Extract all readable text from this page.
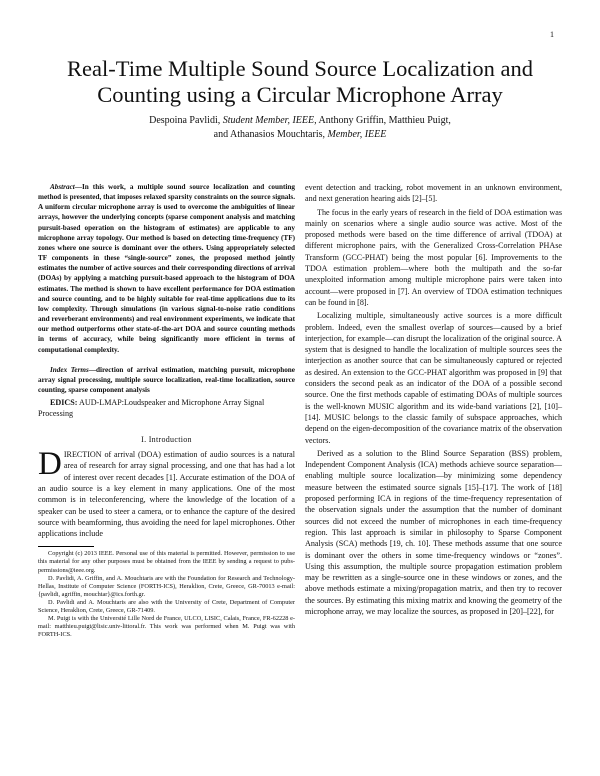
1
Real-Time Multiple Sound Source Localization and Counting using a Circular Microphone Array

Despoina Pavlidi, Student Member, IEEE, Anthony Griffin, Matthieu Puigt,

and Athanasios Mouchtaris, Member, IEEE

Abstract—In this work, a multiple sound source localization and counting method is presented, that imposes relaxed sparsity constraints on the source signals. A uniform circular microphone array is used to overcome the ambiguities of linear arrays, however the underlying concepts (sparse component analysis and matching pursuit-based operation on the histogram of estimates) are applicable to any microphone array topology. Our method is based on detecting time-frequency (TF) zones where one source is dominant over the others. Using appropriately selected TF components in these “single-source” zones, the proposed method jointly estimates the number of active sources and their corresponding directions of arrival (DOAs) by applying a matching pursuit-based approach to the histogram of DOA estimates. The method is shown to have excellent performance for DOA estimation and source counting, and to be highly suitable for real-time applications due to its low complexity. Through simulations (in various signal-to-noise ratio conditions and reverberant environments) and real environment experiments, we indicate that our method outperforms other state-of-the-art DOA and source counting methods in terms of accuracy, while being significantly more efficient in terms of computational complexity.

Index Terms—direction of arrival estimation, matching pursuit, microphone array signal processing, multiple source localization, real-time localization, source counting, sparse component analysis

EDICS: AUD-LMAP:Loudspeaker and Microphone Array Signal Processing

I. Introduction

DIRECTION of arrival (DOA) estimation of audio sources is a natural area of research for array signal processing, and one that has had a lot of interest over recent decades [1]. Accurate estimation of the DOA of an audio source is a key element in many applications. One of the most common is in teleconferencing, where the knowledge of the location of a speaker can be used to steer a camera, or to enhance the capture of the desired source with beamforming, thus avoiding the need for lapel microphones. Other applications include

Copyright (c) 2013 IEEE. Personal use of this material is permitted. However, permission to use this material for any other purposes must be obtained from the IEEE by sending a request to pubs-permissions@ieee.org.

D. Pavlidi, A. Griffin, and A. Mouchtaris are with the Foundation for Research and Technology-Hellas, Institute of Computer Science (FORTH-ICS), Heraklion, Crete, Greece, GR-70013 e-mail: {pavlidi, agriffin, mouchtar}@ics.forth.gr.

D. Pavlidi and A. Mouchtaris are also with the University of Crete, Department of Computer Science, Heraklion, Crete, Greece, GR-71409.

M. Puigt is with the Université Lille Nord de France, ULCO, LISIC, Calais, France, FR-62228 e-mail: matthieu.puigt@lisic.univ-littoral.fr. This work was performed when M. Puigt was with FORTH-ICS.

event detection and tracking, robot movement in an unknown environment, and next generation hearing aids [2]–[5].

The focus in the early years of research in the field of DOA estimation was mainly on scenarios where a single audio source was active. Most of the proposed methods were based on the time difference of arrival (TDOA) at different microphone pairs, with the Generalized Cross-Correlation PHAse Transform (GCC-PHAT) being the most popular [6]. Improvements to the TDOA estimation problem—where both the multipath and the so-far unexploited information among multiple microphone pairs were taken into account—were proposed in [7]. An overview of TDOA estimation techniques can be found in [8].

Localizing multiple, simultaneously active sources is a more difficult problem. Indeed, even the smallest overlap of sources—caused by a brief interjection, for example—can disrupt the localization of the original source. A system that is designed to handle the localization of multiple sources sees the interjection as another source that can be simultaneously captured or rejected as desired. An extension to the GCC-PHAT algorithm was proposed in [9] that considers the second peak as an indicator of the DOA of a possible second source. One the first methods capable of estimating DOAs of multiple sources is the well-known MUSIC algorithm and its wide-band variations [2], [10]–[14]. MUSIC belongs to the classic family of subspace approaches, which depend on the eigen-decomposition of the covariance matrix of the observation vectors.

Derived as a solution to the Blind Source Separation (BSS) problem, Independent Component Analysis (ICA) methods achieve source separation—enabling multiple source localization—by minimizing some dependency measure between the estimated source signals [15]–[17]. The work of [18] proposed performing ICA in regions of the time-frequency representation of the observation signals under the assumption that the number of dominant sources did not exceed the number of microphones in each time-frequency region. This last approach is similar in philosophy to Sparse Component Analysis (SCA) methods [19, ch. 10]. These methods assume that one source is dominant over the others in some time-frequency windows or “zones”. Using this assumption, the multiple source propagation estimation problem may be rewritten as a single-source one in these windows or zones, and the above methods estimate a mixing/propagation matrix, and then try to recover the sources. By estimating this mixing matrix and knowing the geometry of the microphone array, we may localize the sources, as proposed in [20]–[22], for
